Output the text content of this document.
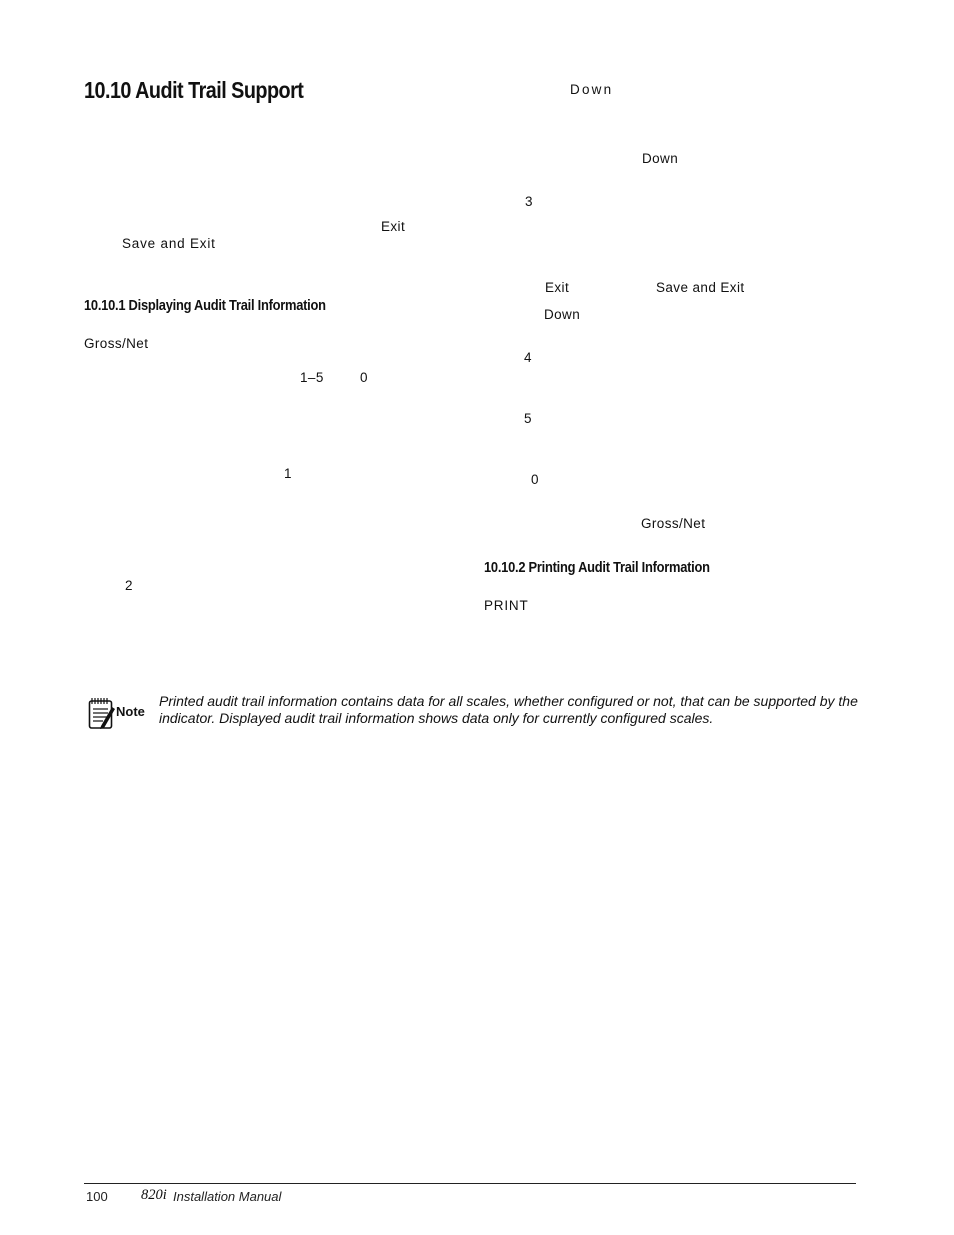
10.10 Audit Trail Support
Exit
Save and Exit
10.10.1 Displaying Audit Trail Information
Gross/Net
1–5	0
1
2
Down
Down
3
Exit	Save and Exit
Down
4
5
0
Gross/Net
10.10.2 Printing Audit Trail Information
PRINT
Note
Printed audit trail information contains data for all scales, whether configured or not, that can be supported by the indicator. Displayed audit trail information shows data only for currently configured scales.
100 820i Installation Manual
